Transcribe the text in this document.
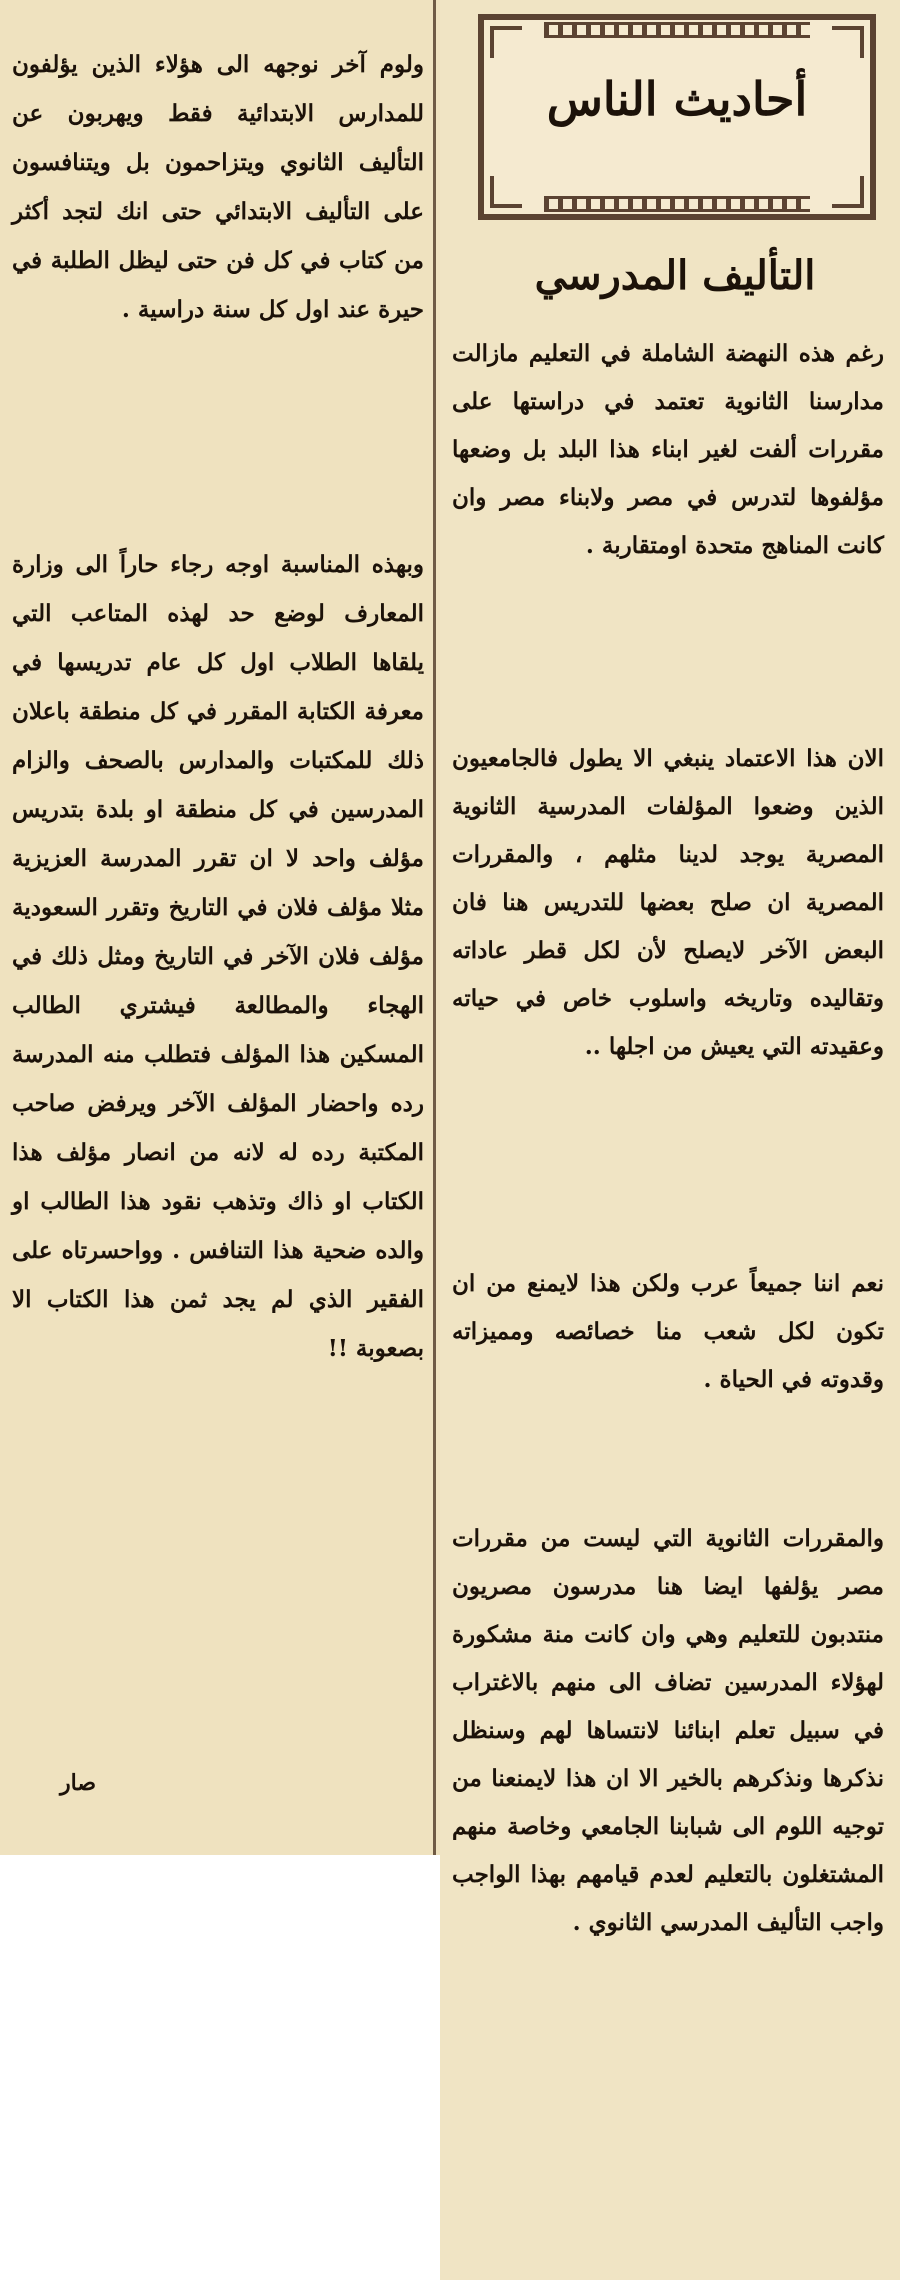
أحاديث الناس
التأليف المدرسي
رغم هذه النهضة الشاملة في التعليم مازالت مدارسنا الثانوية تعتمد في دراستها على مقررات ألفت لغير ابناء هذا البلد بل وضعها مؤلفوها لتدرس في مصر ولابناء مصر وان كانت المناهج متحدة اومتقاربة .
الان هذا الاعتماد ينبغي الا يطول فالجامعيون الذين وضعوا المؤلفات المدرسية الثانوية المصرية يوجد لدينا مثلهم ، والمقررات المصرية ان صلح بعضها للتدريس هنا فان البعض الآخر لايصلح لأن لكل قطر عاداته وتقاليده وتاريخه واسلوب خاص في حياته وعقيدته التي يعيش من اجلها ..
نعم اننا جميعاً عرب ولكن هذا لايمنع من ان تكون لكل شعب منا خصائصه ومميزاته وقدوته في الحياة .
والمقررات الثانوية التي ليست من مقررات مصر يؤلفها ايضا هنا مدرسون مصريون منتدبون للتعليم وهي وان كانت منة مشكورة لهؤلاء المدرسين تضاف الى منهم بالاغتراب في سبيل تعلم ابنائنا لانتساها لهم وسنظل نذكرها ونذكرهم بالخير الا ان هذا لايمنعنا من توجيه اللوم الى شبابنا الجامعي وخاصة منهم المشتغلون بالتعليم لعدم قيامهم بهذا الواجب واجب التأليف المدرسي الثانوي .
ولوم آخر نوجهه الى هؤلاء الذين يؤلفون للمدارس الابتدائية فقط ويهربون عن التأليف الثانوي ويتزاحمون بل ويتنافسون على التأليف الابتدائي حتى انك لتجد أكثر من كتاب في كل فن حتى ليظل الطلبة في حيرة عند اول كل سنة دراسية .
وبهذه المناسبة اوجه رجاء حاراً الى وزارة المعارف لوضع حد لهذه المتاعب التي يلقاها الطلاب اول كل عام تدريسها في معرفة الكتابة المقرر في كل منطقة باعلان ذلك للمكتبات والمدارس بالصحف والزام المدرسين في كل منطقة او بلدة بتدريس مؤلف واحد لا ان تقرر المدرسة العزيزية مثلا مؤلف فلان في التاريخ وتقرر السعودية مؤلف فلان الآخر في التاريخ ومثل ذلك في الهجاء والمطالعة فيشتري الطالب المسكين هذا المؤلف فتطلب منه المدرسة رده واحضار المؤلف الآخر ويرفض صاحب المكتبة رده له لانه من انصار مؤلف هذا الكتاب او ذاك وتذهب نقود هذا الطالب او والده ضحية هذا التنافس . وواحسرتاه على الفقير الذي لم يجد ثمن هذا الكتاب الا بصعوبة !!
صار
